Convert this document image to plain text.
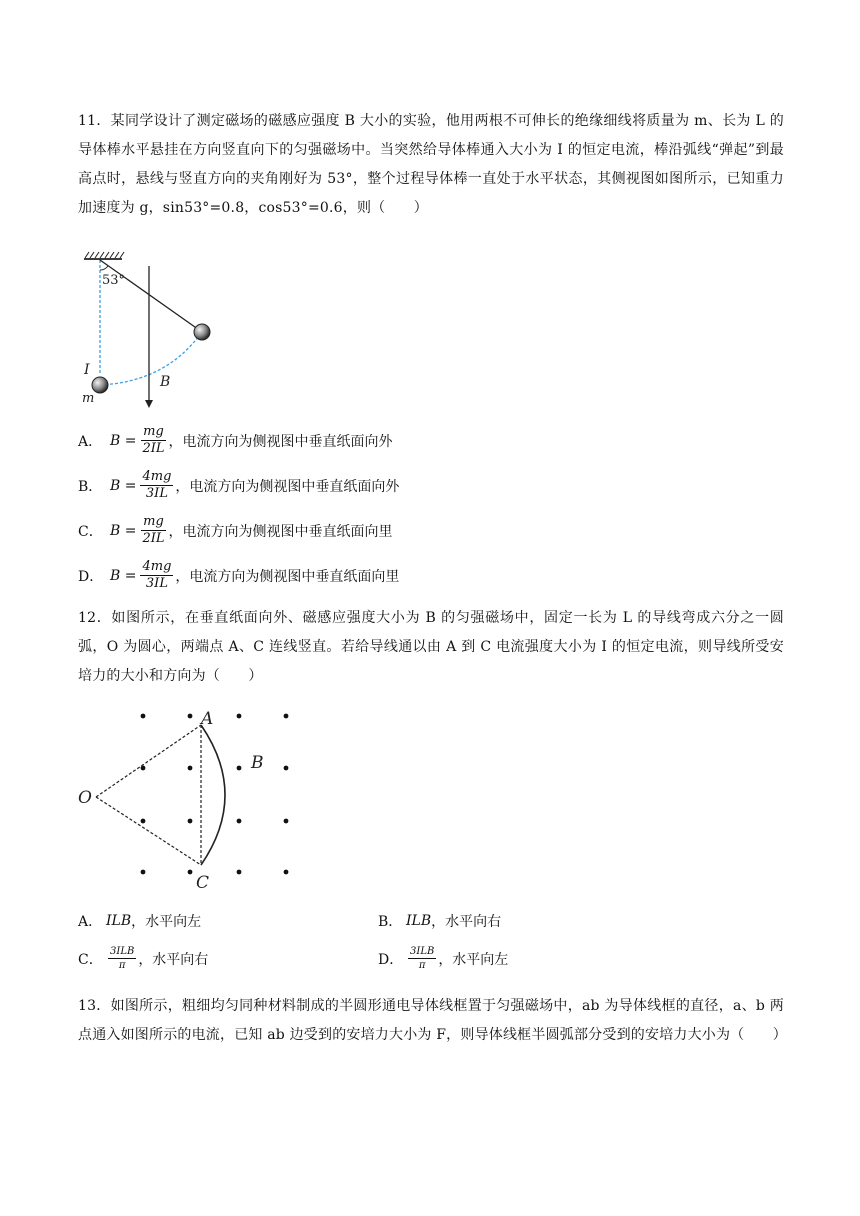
11．某同学设计了测定磁场的磁感应强度 B 大小的实验，他用两根不可伸长的绝缘细线将质量为 m、长为 L 的导体棒水平悬挂在方向竖直向下的匀强磁场中。当突然给导体棒通入大小为 I 的恒定电流，棒沿弧线“弹起”到最高点时，悬线与竖直方向的夹角刚好为 53°，整个过程导体棒一直处于水平状态，其侧视图如图所示，已知重力加速度为 g，sin53°=0.8，cos53°=0.6，则（　　）
53°
B
I
m
A． $B = \frac{mg}{2IL}$ ，电流方向为侧视图中垂直纸面向外
B． $B = \frac{4mg}{3IL}$ ，电流方向为侧视图中垂直纸面向外
C． $B = \frac{mg}{2IL}$ ，电流方向为侧视图中垂直纸面向里
D． $B = \frac{4mg}{3IL}$ ，电流方向为侧视图中垂直纸面向里
12．如图所示，在垂直纸面向外、磁感应强度大小为 B 的匀强磁场中，固定一长为 L 的导线弯成六分之一圆弧，O 为圆心，两端点 A、C 连线竖直。若给导线通以由 A 到 C 电流强度大小为 I 的恒定电流，则导线所受安培力的大小和方向为（　　）
A
B
C
O
A． ILB ，水平向左	B． ILB ，水平向右
C． $\frac{\text{3ILB}}{\pi}$ ，水平向右	D． $\frac{\text{3ILB}}{\pi}$ ，水平向左
13．如图所示，粗细均匀同种材料制成的半圆形通电导体线框置于匀强磁场中，ab 为导体线框的直径，a、b 两点通入如图所示的电流，已知 ab 边受到的安培力大小为 F，则导体线框半圆弧部分受到的安培力大小为（　　）
